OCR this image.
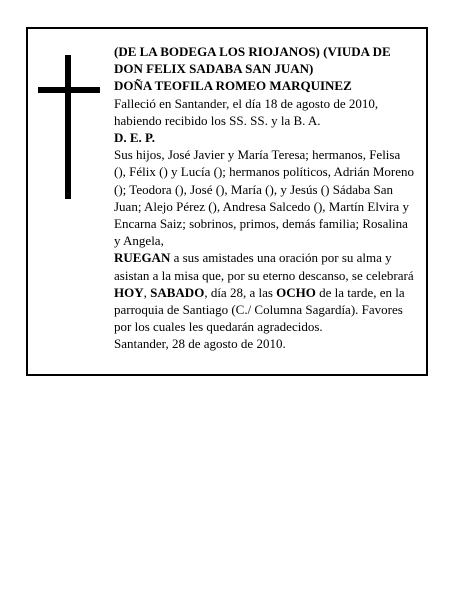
(DE LA BODEGA LOS RIOJANOS) (VIUDA DE DON FELIX SADABA SAN JUAN)

DOÑA TEOFILA ROMEO MARQUINEZ

Falleció en Santander, el día 18 de agosto de 2010, habiendo recibido los SS. SS. y la B. A.

D. E. P.

Sus hijos, José Javier y María Teresa; hermanos, Felisa (), Félix () y Lucía (); hermanos políticos, Adrián Moreno (); Teodora (), José (), María (), y Jesús () Sádaba San Juan; Alejo Pérez (), Andresa Salcedo (), Martín Elvira y Encarna Saiz; sobrinos, primos, demás familia; Rosalina y Angela,

RUEGAN a sus amistades una oración por su alma y asistan a la misa que, por su eterno descanso, se celebrará HOY, SABADO, día 28, a las OCHO de la tarde, en la parroquia de Santiago (C./ Columna Sagardía). Favores por los cuales les quedarán agradecidos.

Santander, 28 de agosto de 2010.
